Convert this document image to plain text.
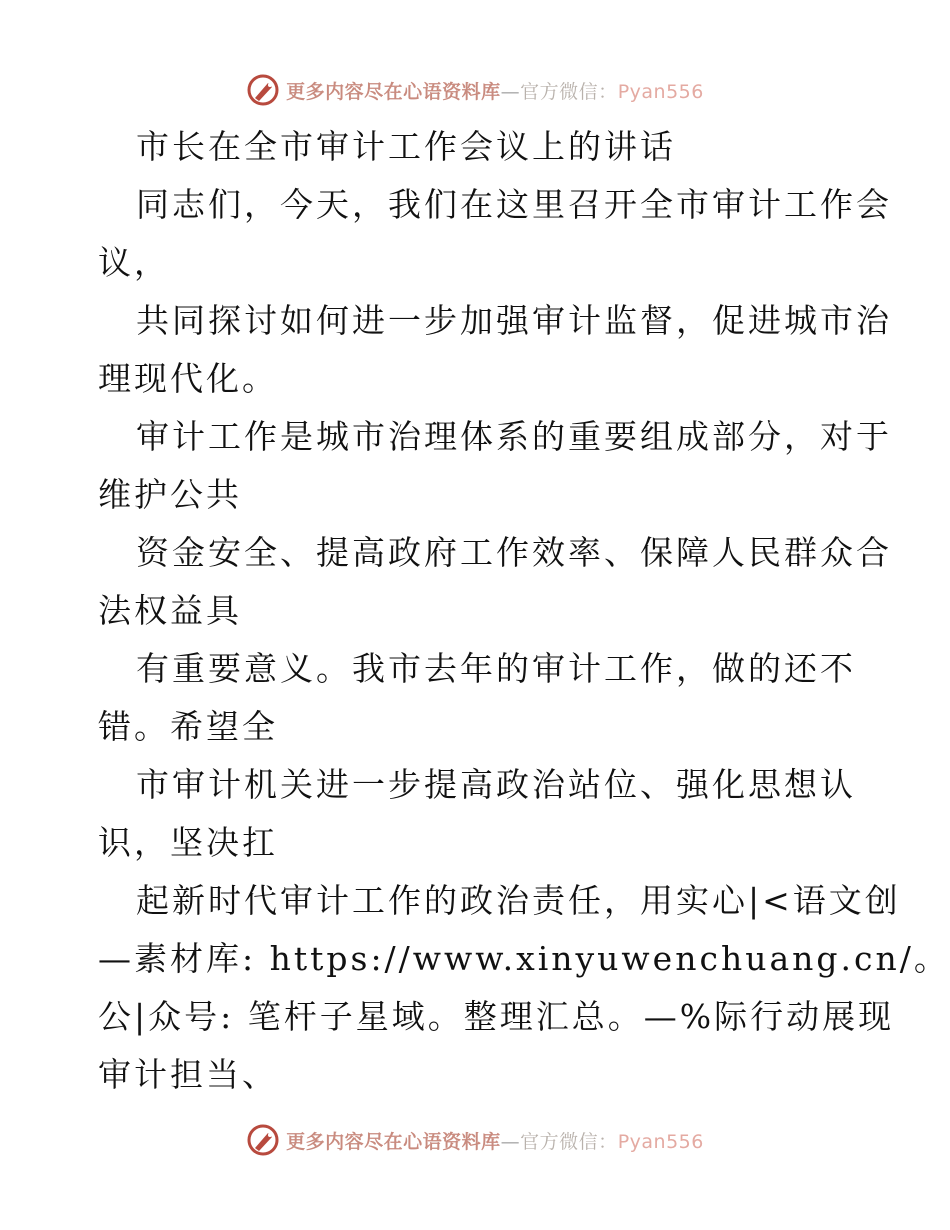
更多内容尽在心语资料库—官方微信：Pyan556
市长在全市审计工作会议上的讲话
同志们，今天，我们在这里召开全市审计工作会
议，
共同探讨如何进一步加强审计监督，促进城市治
理现代化。
审计工作是城市治理体系的重要组成部分，对于
维护公共
资金安全、提高政府工作效率、保障人民群众合
法权益具
有重要意义。我市去年的审计工作，做的还不
错。希望全
市审计机关进一步提高政治站位、强化思想认
识，坚决扛
起新时代审计工作的政治责任，用实心|<语文创
—素材库: https://www.xinyuwenchuang.cn/。
公|众号: 笔杆子星域。整理汇总。—%际行动展现
审计担当、
更多内容尽在心语资料库—官方微信：Pyan556
